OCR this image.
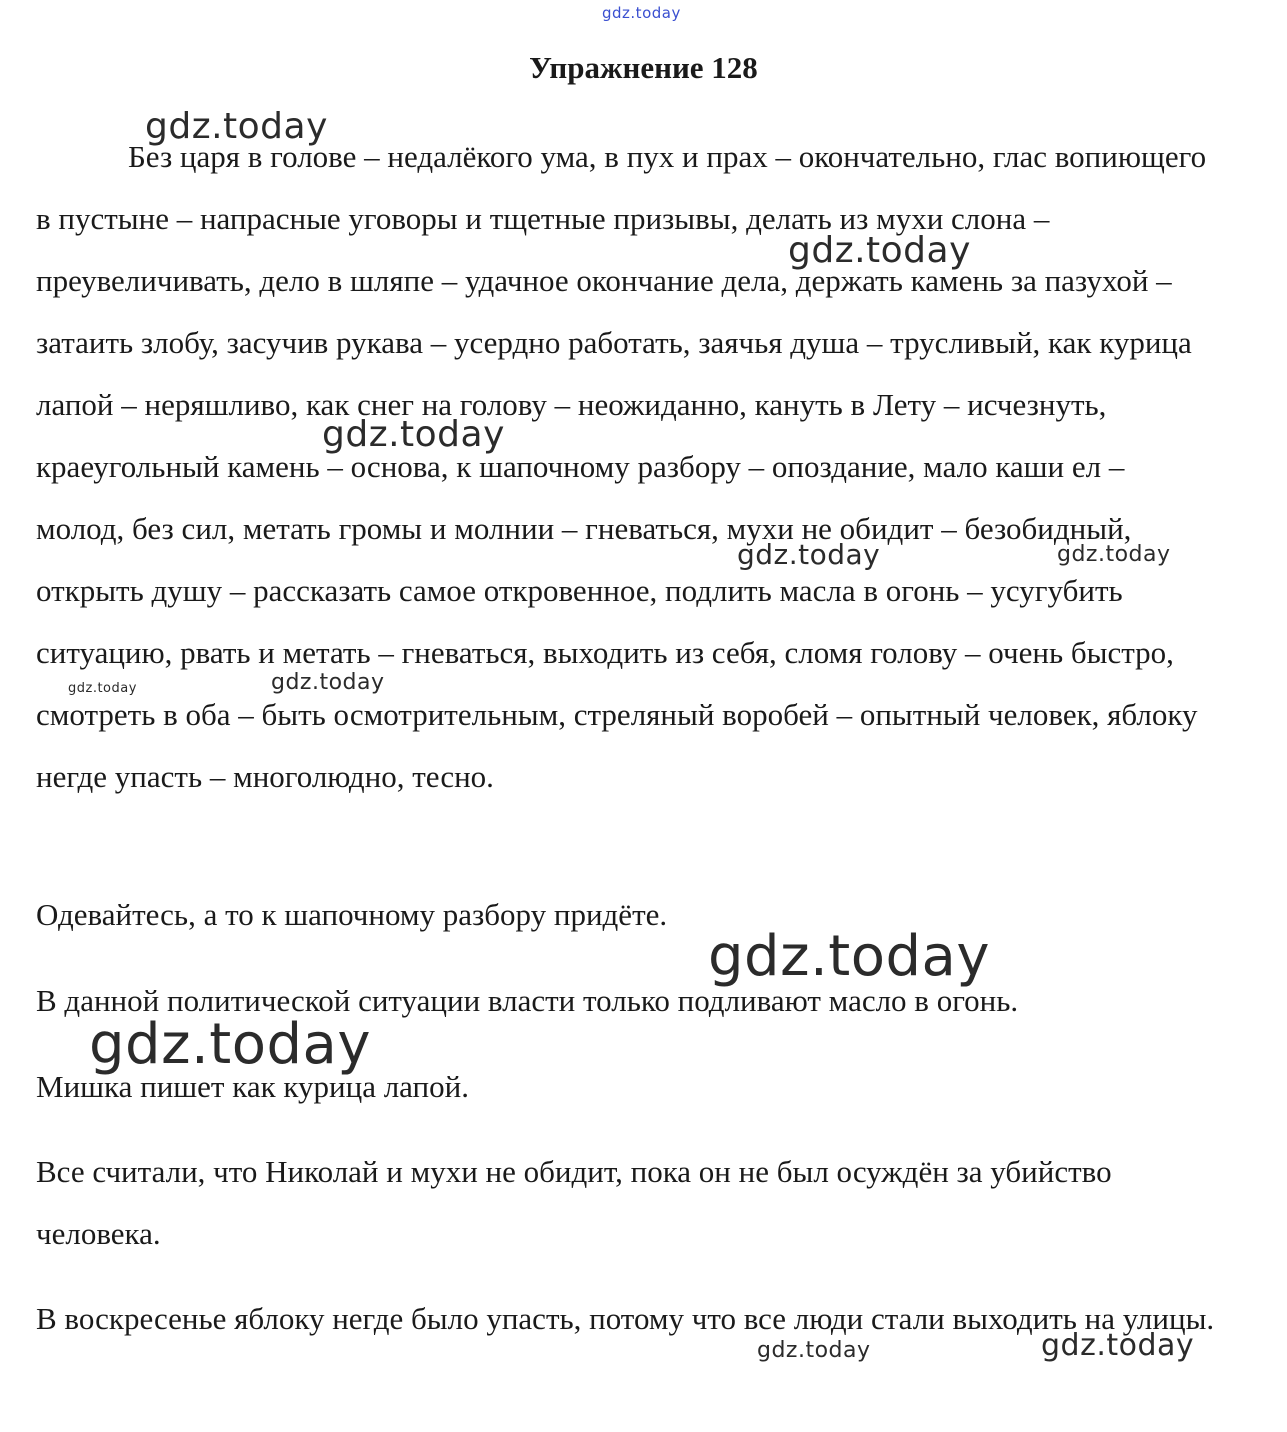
gdz.today
Упражнение 128

Без царя в голове – недалёкого ума, в пух и прах – окончательно, глас вопиющего в пустыне – напрасные уговоры и тщетные призывы, делать из мухи слона – преувеличивать, дело в шляпе – удачное окончание дела, держать камень за пазухой – затаить злобу, засучив рукава – усердно работать, заячья душа – трусливый, как курица лапой – неряшливо, как снег на голову – неожиданно, кануть в Лету – исчезнуть, краеугольный камень – основа, к шапочному разбору – опоздание, мало каши ел – молод, без сил, метать громы и молнии – гневаться, мухи не обидит – безобидный, открыть душу – рассказать самое откровенное, подлить масла в огонь – усугубить ситуацию, рвать и метать – гневаться, выходить из себя, сломя голову – очень быстро, смотреть в оба – быть осмотрительным, стреляный воробей – опытный человек, яблоку негде упасть – многолюдно, тесно.

Одевайтесь, а то к шапочному разбору придёте.

В данной политической ситуации власти только подливают масло в огонь.

Мишка пишет как курица лапой.

Все считали, что Николай и мухи не обидит, пока он не был осуждён за убийство человека.

В воскресенье яблоку негде было упасть, потому что все люди стали выходить на улицы.

gdz.today
gdz.today
gdz.today
gdz.today	gdz.today
gdz.today
gdz.today
gdz.today
gdz.today
gdz.today	gdz.today
